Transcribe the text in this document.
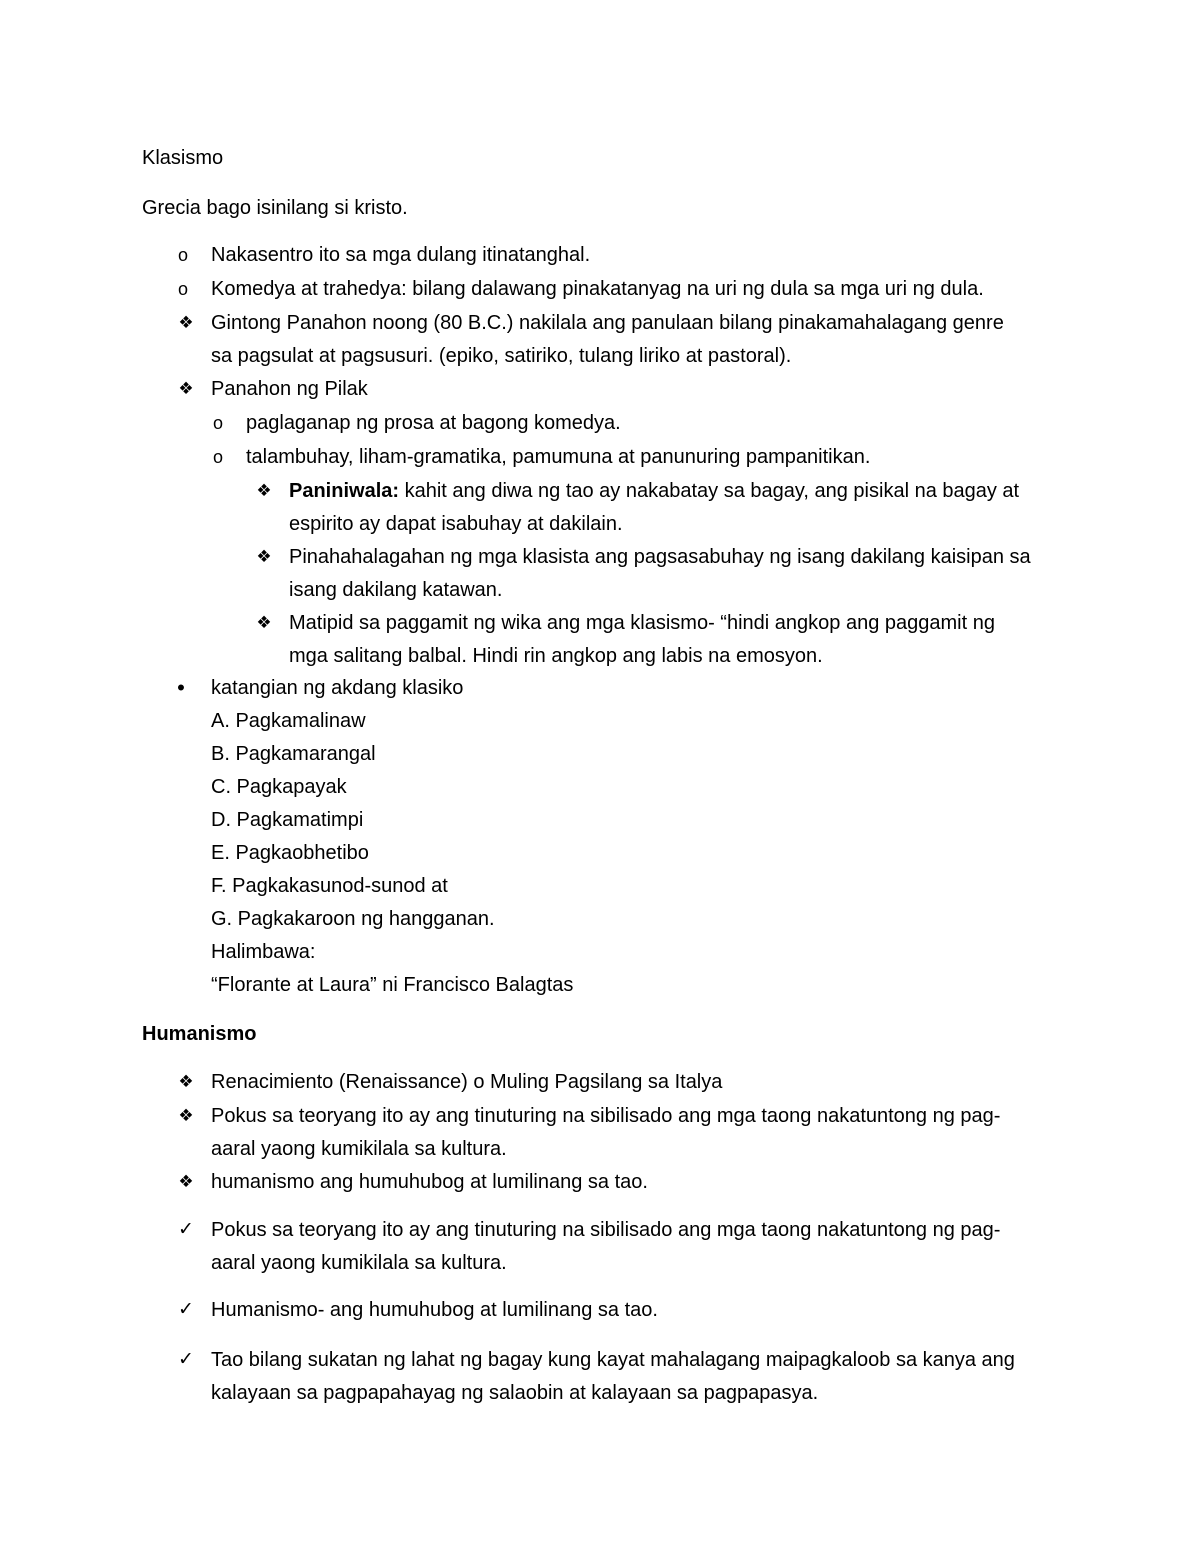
Klasismo
Grecia bago isinilang si kristo.
o	Nakasentro ito sa mga dulang itinatanghal.
o	Komedya at trahedya: bilang dalawang pinakatanyag na uri ng dula sa mga uri ng dula.
❖ Gintong Panahon noong (80 B.C.) nakilala ang panulaan bilang pinakamahalagang genre
sa pagsulat at pagsusuri. (epiko, satiriko, tulang liriko at pastoral).
❖ Panahon ng Pilak
o	paglaganap ng prosa at bagong komedya.
o	talambuhay, liham-gramatika, pamumuna at panunuring pampanitikan.
❖ Paniniwala: kahit ang diwa ng tao ay nakabatay sa bagay, ang pisikal na bagay at
espirito ay dapat isabuhay at dakilain.
❖ Pinahahalagahan ng mga klasista ang pagsasabuhay ng isang dakilang kaisipan sa
isang dakilang katawan.
❖ Matipid sa paggamit ng wika ang mga klasismo- “hindi angkop ang paggamit ng
mga salitang balbal. Hindi rin angkop ang labis na emosyon.
•	katangian ng akdang klasiko
A. Pagkamalinaw
B. Pagkamarangal
C. Pagkapayak
D. Pagkamatimpi
E. Pagkaobhetibo
F. Pagkakasunod-sunod at
G. Pagkakaroon ng hangganan.
Halimbawa:
“Florante at Laura” ni Francisco Balagtas
Humanismo
❖ Renacimiento (Renaissance) o Muling Pagsilang sa Italya
❖ Pokus sa teoryang ito ay ang tinuturing na sibilisado ang mga taong nakatuntong ng pag-
aaral yaong kumikilala sa kultura.
❖ humanismo ang humuhubog at lumilinang sa tao.
✓ Pokus sa teoryang ito ay ang tinuturing na sibilisado ang mga taong nakatuntong ng pag-
aaral yaong kumikilala sa kultura.
✓ Humanismo- ang humuhubog at lumilinang sa tao.
✓ Tao bilang sukatan ng lahat ng bagay kung kayat mahalagang maipagkaloob sa kanya ang
kalayaan sa pagpapahayag ng salaobin at kalayaan sa pagpapasya.
